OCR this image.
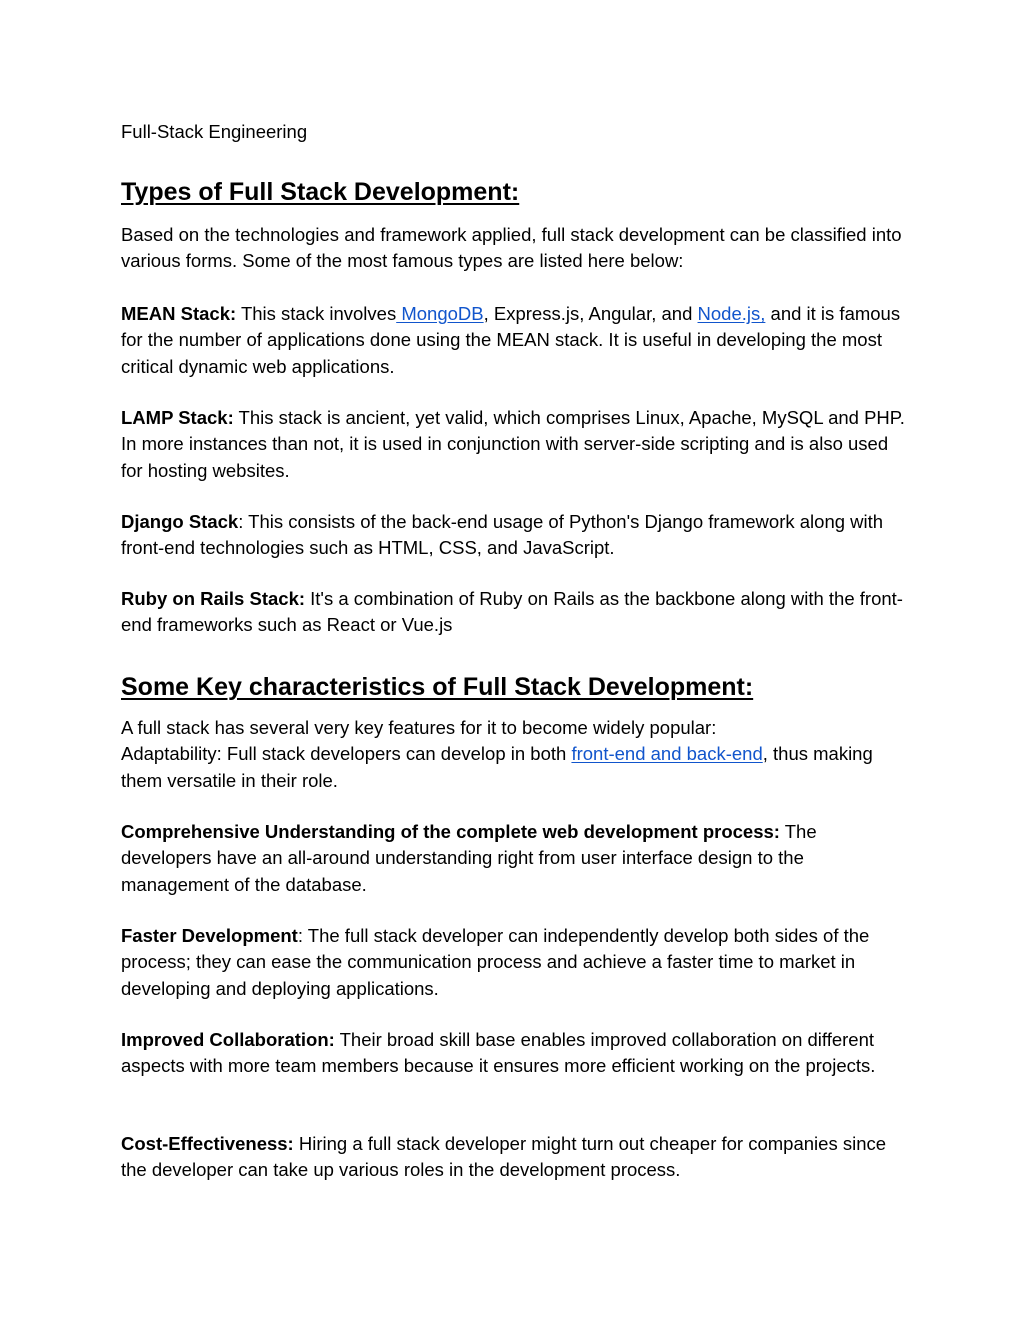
Full-Stack Engineering
Types of Full Stack Development:

Based on the technologies and framework applied, full stack development can be classified into various forms. Some of the most famous types are listed here below:

MEAN Stack: This stack involves MongoDB, Express.js, Angular, and Node.js, and it is famous for the number of applications done using the MEAN stack. It is useful in developing the most critical dynamic web applications.

LAMP Stack: This stack is ancient, yet valid, which comprises Linux, Apache, MySQL and PHP. In more instances than not, it is used in conjunction with server-side scripting and is also used for hosting websites.

Django Stack: This consists of the back-end usage of Python's Django framework along with front-end technologies such as HTML, CSS, and JavaScript.

Ruby on Rails Stack: It's a combination of Ruby on Rails as the backbone along with the front-end frameworks such as React or Vue.js

Some Key characteristics of Full Stack Development:

A full stack has several very key features for it to become widely popular:
Adaptability: Full stack developers can develop in both front-end and back-end, thus making them versatile in their role.

Comprehensive Understanding of the complete web development process: The developers have an all-around understanding right from user interface design to the management of the database.

Faster Development: The full stack developer can independently develop both sides of the process; they can ease the communication process and achieve a faster time to market in developing and deploying applications.

Improved Collaboration: Their broad skill base enables improved collaboration on different aspects with more team members because it ensures more efficient working on the projects.

Cost-Effectiveness: Hiring a full stack developer might turn out cheaper for companies since the developer can take up various roles in the development process.
